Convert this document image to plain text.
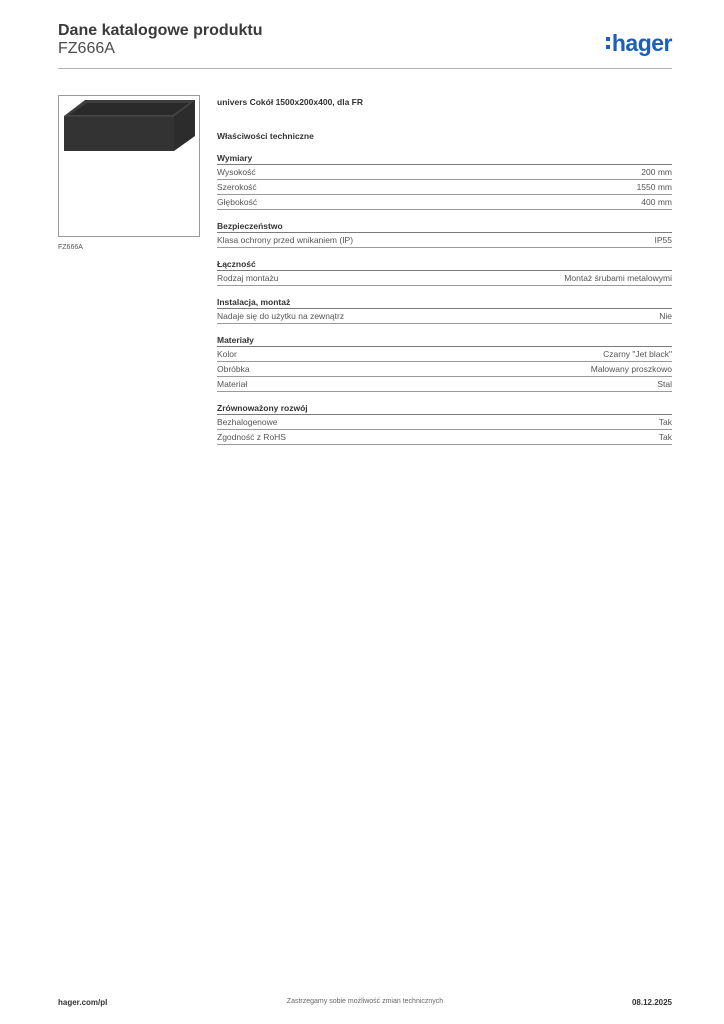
Dane katalogowe produktu
FZ666A	hager
FZ666A
univers Cokół 1500x200x400, dla FR
Właściwości techniczne
Wymiary
Wysokość	200 mm
Szerokość	1550 mm
Głębokość	400 mm
Bezpieczeństwo
Klasa ochrony przed wnikaniem (IP)	IP55
Łączność
Rodzaj montażu	Montaż śrubami metalowymi
Instalacja, montaż
Nadaje się do użytku na zewnątrz	Nie
Materiały
Kolor	Czarny "Jet black"
Obróbka	Malowany proszkowo
Materiał	Stal
Zrównoważony rozwój
Bezhalogenowe	Tak
Zgodność z RoHS	Tak
hager.com/pl	Zastrzegamy sobie możliwość zmian technicznych	08.12.2025
